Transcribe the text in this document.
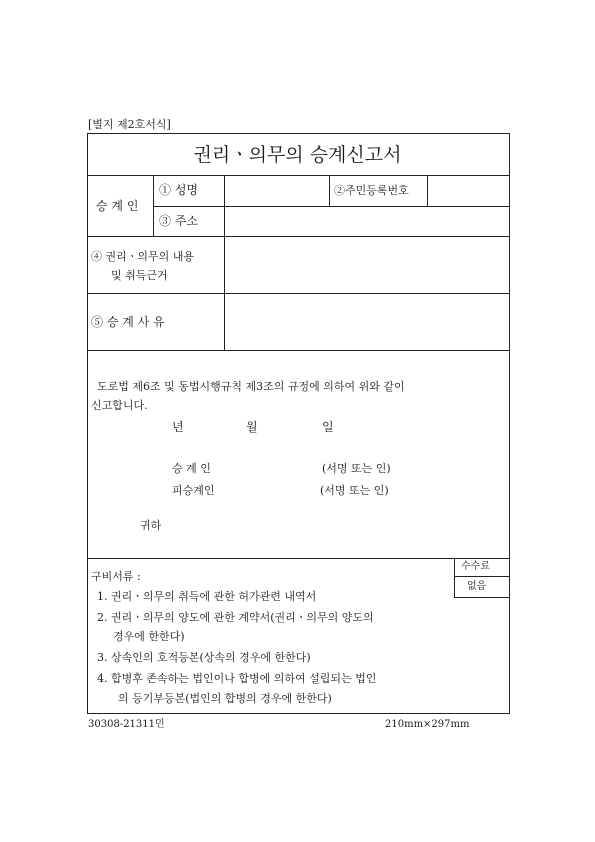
[별지 제2호서식]
권리ㆍ의무의 승계신고서
승 계 인
① 성명	②주민등록번호
③ 주소
④ 권리ㆍ의무의 내용
및 취득근거
⑤ 승 계 사 유
도로법 제6조 및 동법시행규칙 제3조의 규정에 의하여 위와 같이
신고합니다.
년	월	일
승 계 인	(서명 또는 인)
피승계인	(서명 또는 인)
귀하
구비서류 :
수수료
없음
1. 권리ㆍ의무의 취득에 관한 허가관련 내역서
2. 권리ㆍ의무의 양도에 관한 계약서(권리ㆍ의무의 양도의
경우에 한한다)
3. 상속인의 호적등본(상속의 경우에 한한다)
4. 합병후 존속하는 법인이나 합병에 의하여 설립되는 법인
의 등기부등본(법인의 합병의 경우에 한한다)
30308-21311민	210mm×297mm
